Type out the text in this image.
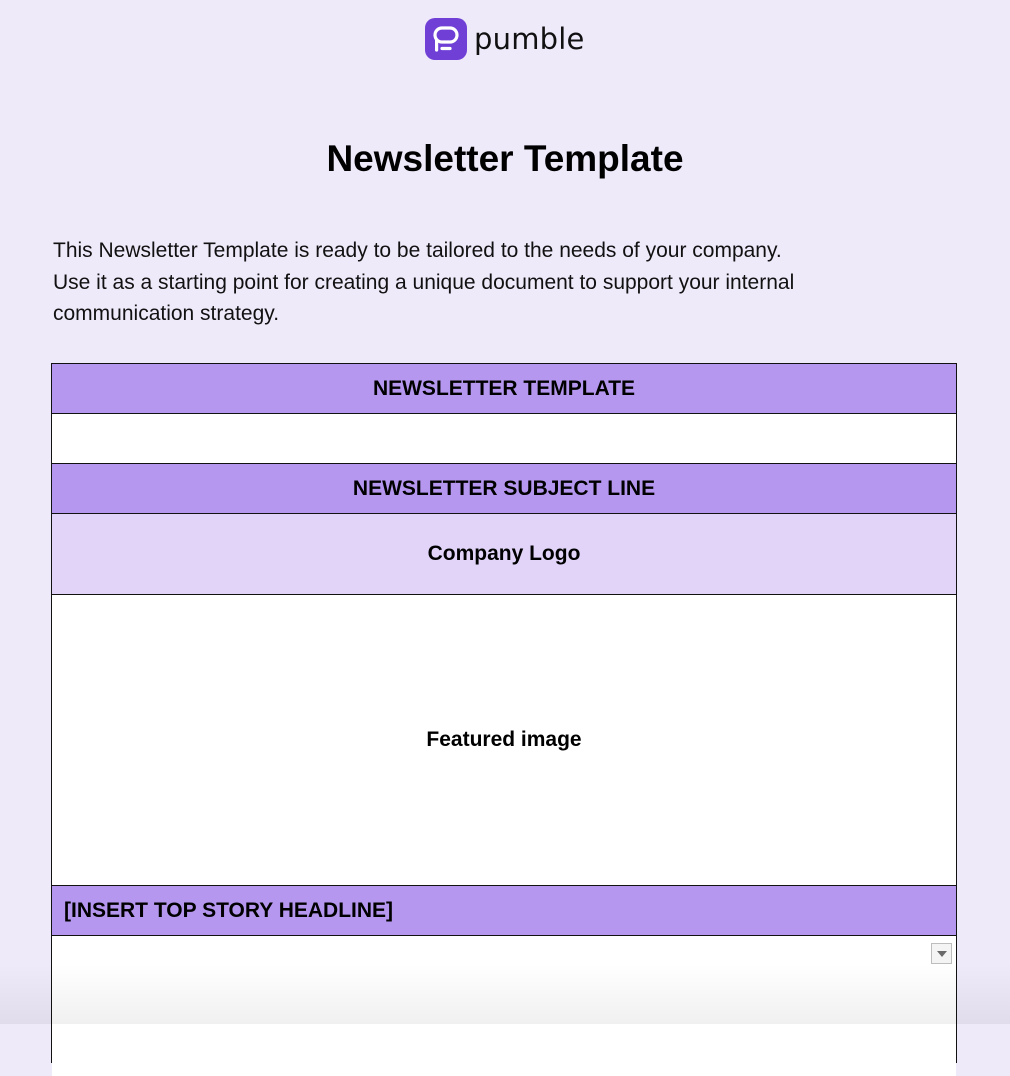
pumble
Newsletter Template

This Newsletter Template is ready to be tailored to the needs of your company.
Use it as a starting point for creating a unique document to support your internal
communication strategy.

NEWSLETTER TEMPLATE
NEWSLETTER SUBJECT LINE
Company Logo
Featured image
[INSERT TOP STORY HEADLINE]
